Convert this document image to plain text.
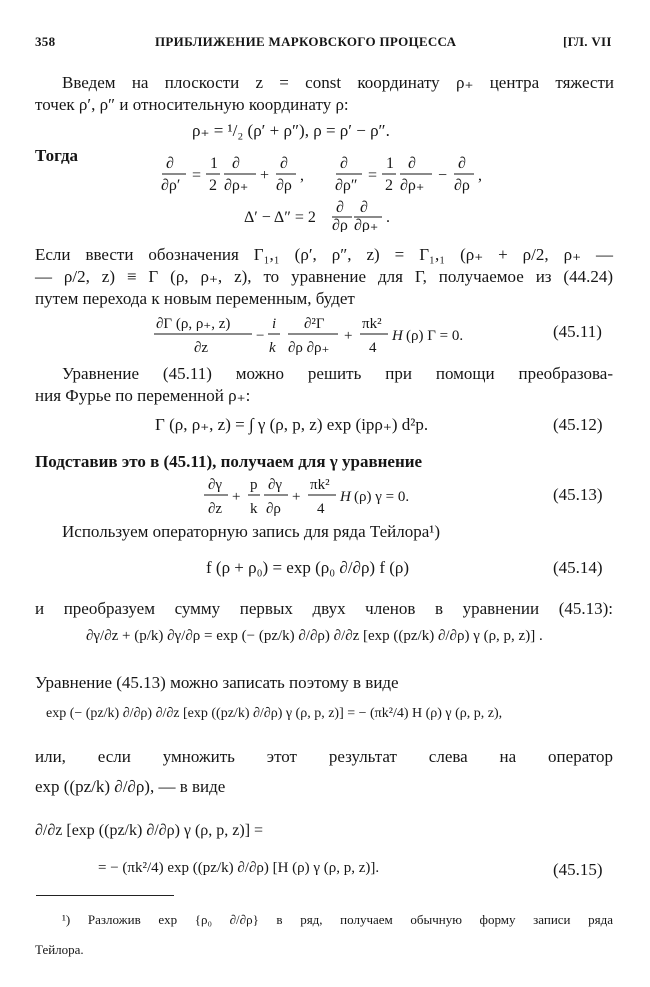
358	ПРИБЛИЖЕНИЕ МАРКОВСКОГО ПРОЦЕССА	[ГЛ. VII
Введем на плоскости z = const координату ρ₊ центра тяжести
точек ρ′, ρ″ и относительную координату ρ:
ρ₊ = ¹/₂ (ρ′ + ρ″), ρ = ρ′ − ρ″.
Тогда	∂
∂ρ′
=
1
2
∂
∂ρ₊
+
∂
∂ρ
,
∂
∂ρ″
=
1
2
∂
∂ρ₊
−
∂
∂ρ
,
Δ′ − Δ″ = 2
∂
∂ρ
∂
∂ρ₊ .
Если ввести обозначения Γ₁,₁ (ρ′, ρ″, z) = Γ₁,₁ (ρ₊ + ρ/2, ρ₊ —
— ρ/2, z) ≡ Γ (ρ, ρ₊, z), то уравнение для Γ, получаемое из (44.24)
путем перехода к новым переменным, будет
∂Γ (ρ, ρ₊, z)
∂z
−
i
k
∂²Γ
∂ρ ∂ρ₊
+
πk²
4
H (ρ) Γ = 0.	(45.11)
Уравнение (45.11) можно решить при помощи преобразова-
ния Фурье по переменной ρ₊:
Γ (ρ, ρ₊, z) = ∫ γ (ρ, p, z) exp (ipρ₊) d²p.	(45.12)
Подставив это в (45.11), получаем для γ уравнение
∂γ
∂z
+
p
k
∂γ
∂ρ
+
πk²
4
H (ρ) γ = 0.	(45.13)
Используем операторную запись для ряда Тейлора¹)
f (ρ + ρ₀) = exp (ρ₀ ∂/∂ρ) f (ρ)	(45.14)
и преобразуем сумму первых двух членов в уравнении (45.13):
∂γ/∂z + (p/k) ∂γ/∂ρ = exp (− (pz/k) ∂/∂ρ) ∂/∂z [exp ((pz/k) ∂/∂ρ) γ (ρ, p, z)] .
Уравнение (45.13) можно записать поэтому в виде
exp (− (pz/k) ∂/∂ρ) ∂/∂z [exp ((pz/k) ∂/∂ρ) γ (ρ, p, z)] = − (πk²/4) H (ρ) γ (ρ, p, z),
или, если умножить этот результат слева на оператор
exp ((pz/k) ∂/∂ρ), — в виде
∂/∂z [exp ((pz/k) ∂/∂ρ) γ (ρ, p, z)] =
= − (πk²/4) exp ((pz/k) ∂/∂ρ) [H (ρ) γ (ρ, p, z)].	(45.15)
¹) Разложив exp {ρ₀ ∂/∂ρ} в ряд, получаем обычную форму записи ряда
Тейлора.
